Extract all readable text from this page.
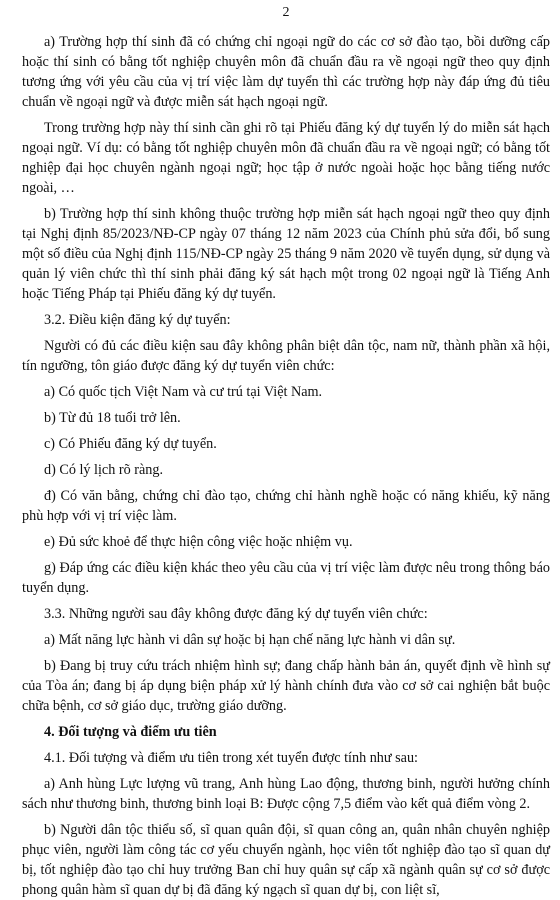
2

a) Trường hợp thí sinh đã có chứng chỉ ngoại ngữ do các cơ sở đào tạo, bồi dưỡng cấp hoặc thí sinh có bằng tốt nghiệp chuyên môn đã chuẩn đầu ra về ngoại ngữ theo quy định tương ứng với yêu cầu của vị trí việc làm dự tuyển thì các trường hợp này đáp ứng đủ tiêu chuẩn về ngoại ngữ và được miễn sát hạch ngoại ngữ.

Trong trường hợp này thí sinh cần ghi rõ tại Phiếu đăng ký dự tuyển lý do miễn sát hạch ngoại ngữ. Ví dụ: có bằng tốt nghiệp chuyên môn đã chuẩn đầu ra về ngoại ngữ; có bằng tốt nghiệp đại học chuyên ngành ngoại ngữ; học tập ở nước ngoài hoặc học bằng tiếng nước ngoài, …

b) Trường hợp thí sinh không thuộc trường hợp miễn sát hạch ngoại ngữ theo quy định tại Nghị định 85/2023/NĐ-CP ngày 07 tháng 12 năm 2023 của Chính phủ sửa đổi, bổ sung một số điều của Nghị định 115/NĐ-CP ngày 25 tháng 9 năm 2020 về tuyển dụng, sử dụng và quản lý viên chức thì thí sinh phải đăng ký sát hạch một trong 02 ngoại ngữ là Tiếng Anh hoặc Tiếng Pháp tại Phiếu đăng ký dự tuyển.

3.2. Điều kiện đăng ký dự tuyển:

Người có đủ các điều kiện sau đây không phân biệt dân tộc, nam nữ, thành phần xã hội, tín ngưỡng, tôn giáo được đăng ký dự tuyển viên chức:

a) Có quốc tịch Việt Nam và cư trú tại Việt Nam.

b) Từ đủ 18 tuổi trở lên.

c) Có Phiếu đăng ký dự tuyển.

d) Có lý lịch rõ ràng.

đ) Có văn bằng, chứng chỉ đào tạo, chứng chỉ hành nghề hoặc có năng khiếu, kỹ năng phù hợp với vị trí việc làm.

e) Đủ sức khoẻ để thực hiện công việc hoặc nhiệm vụ.

g) Đáp ứng các điều kiện khác theo yêu cầu của vị trí việc làm được nêu trong thông báo tuyển dụng.

3.3. Những người sau đây không được đăng ký dự tuyển viên chức:

a) Mất năng lực hành vi dân sự hoặc bị hạn chế năng lực hành vi dân sự.

b) Đang bị truy cứu trách nhiệm hình sự; đang chấp hành bản án, quyết định về hình sự của Tòa án; đang bị áp dụng biện pháp xử lý hành chính đưa vào cơ sở cai nghiện bắt buộc chữa bệnh, cơ sở giáo dục, trường giáo dưỡng.

4. Đối tượng và điểm ưu tiên

4.1. Đối tượng và điểm ưu tiên trong xét tuyển được tính như sau:

a) Anh hùng Lực lượng vũ trang, Anh hùng Lao động, thương binh, người hưởng chính sách như thương binh, thương binh loại B: Được cộng 7,5 điểm vào kết quả điểm vòng 2.

b) Người dân tộc thiểu số, sĩ quan quân đội, sĩ quan công an, quân nhân chuyên nghiệp phục viên, người làm công tác cơ yếu chuyển ngành, học viên tốt nghiệp đào tạo sĩ quan dự bị, tốt nghiệp đào tạo chỉ huy trưởng Ban chỉ huy quân sự cấp xã ngành quân sự cơ sở được phong quân hàm sĩ quan dự bị đã đăng ký ngạch sĩ quan dự bị, con liệt sĩ,
